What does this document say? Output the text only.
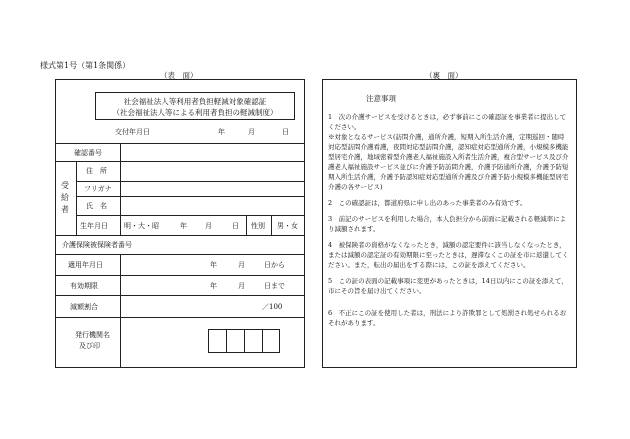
様式第1号（第1条関係）
（表　面）
社会福祉法人等利用者負担軽減対象確認証
（社会福祉法人等による利用者負担の軽減制度）
交付年月日	年	月	日
確認番号
受給者
住　所
フリガナ
氏　名
生年月日 明・大・昭	年	月	日 性別 男・女
介護保険被保険者番号
適用年月日	年	月	日から
有効期限	年	月	日まで
減額割合	／100
発行機関名
及び印
（裏　面）
注意事項

1　次の介護サービスを受けるときは，必ず事前にこの確認証を事業者に提出してください。

※対象となるサービス(訪問介護，通所介護，短期入所生活介護，定期巡回・随時対応型訪問介護看護，夜間対応型訪問介護，認知症対応型通所介護，小規模多機能型居宅介護，地域密着型介護老人福祉施設入所者生活介護，複合型サービス及び介護老人福祉施設サービス並びに介護予防訪問介護，介護予防通所介護，介護予防短期入所生活介護，介護予防認知症対応型通所介護及び介護予防小規模多機能型居宅介護の各サービス)

2　この確認証は，都道府県に申し出のあった事業者のみ有効です。

3　前記のサービスを利用した場合，本人負担分から前面に記載される軽減率により減額されます。

4　被保険者の資格がなくなったとき，減額の認定要件に該当しなくなったとき，または減額の認定証の有効期限に至ったときは，遅滞なくこの証を市に返還してください。また，転出の届出をする際には，この証を添えてください。

5　この証の表面の記載事項に変更があったときは，14日以内にこの証を添えて，市にその旨を届け出てください。

6　不正にこの証を使用した者は，刑法により詐欺罪として処罰され処せられるおそれがあります。
